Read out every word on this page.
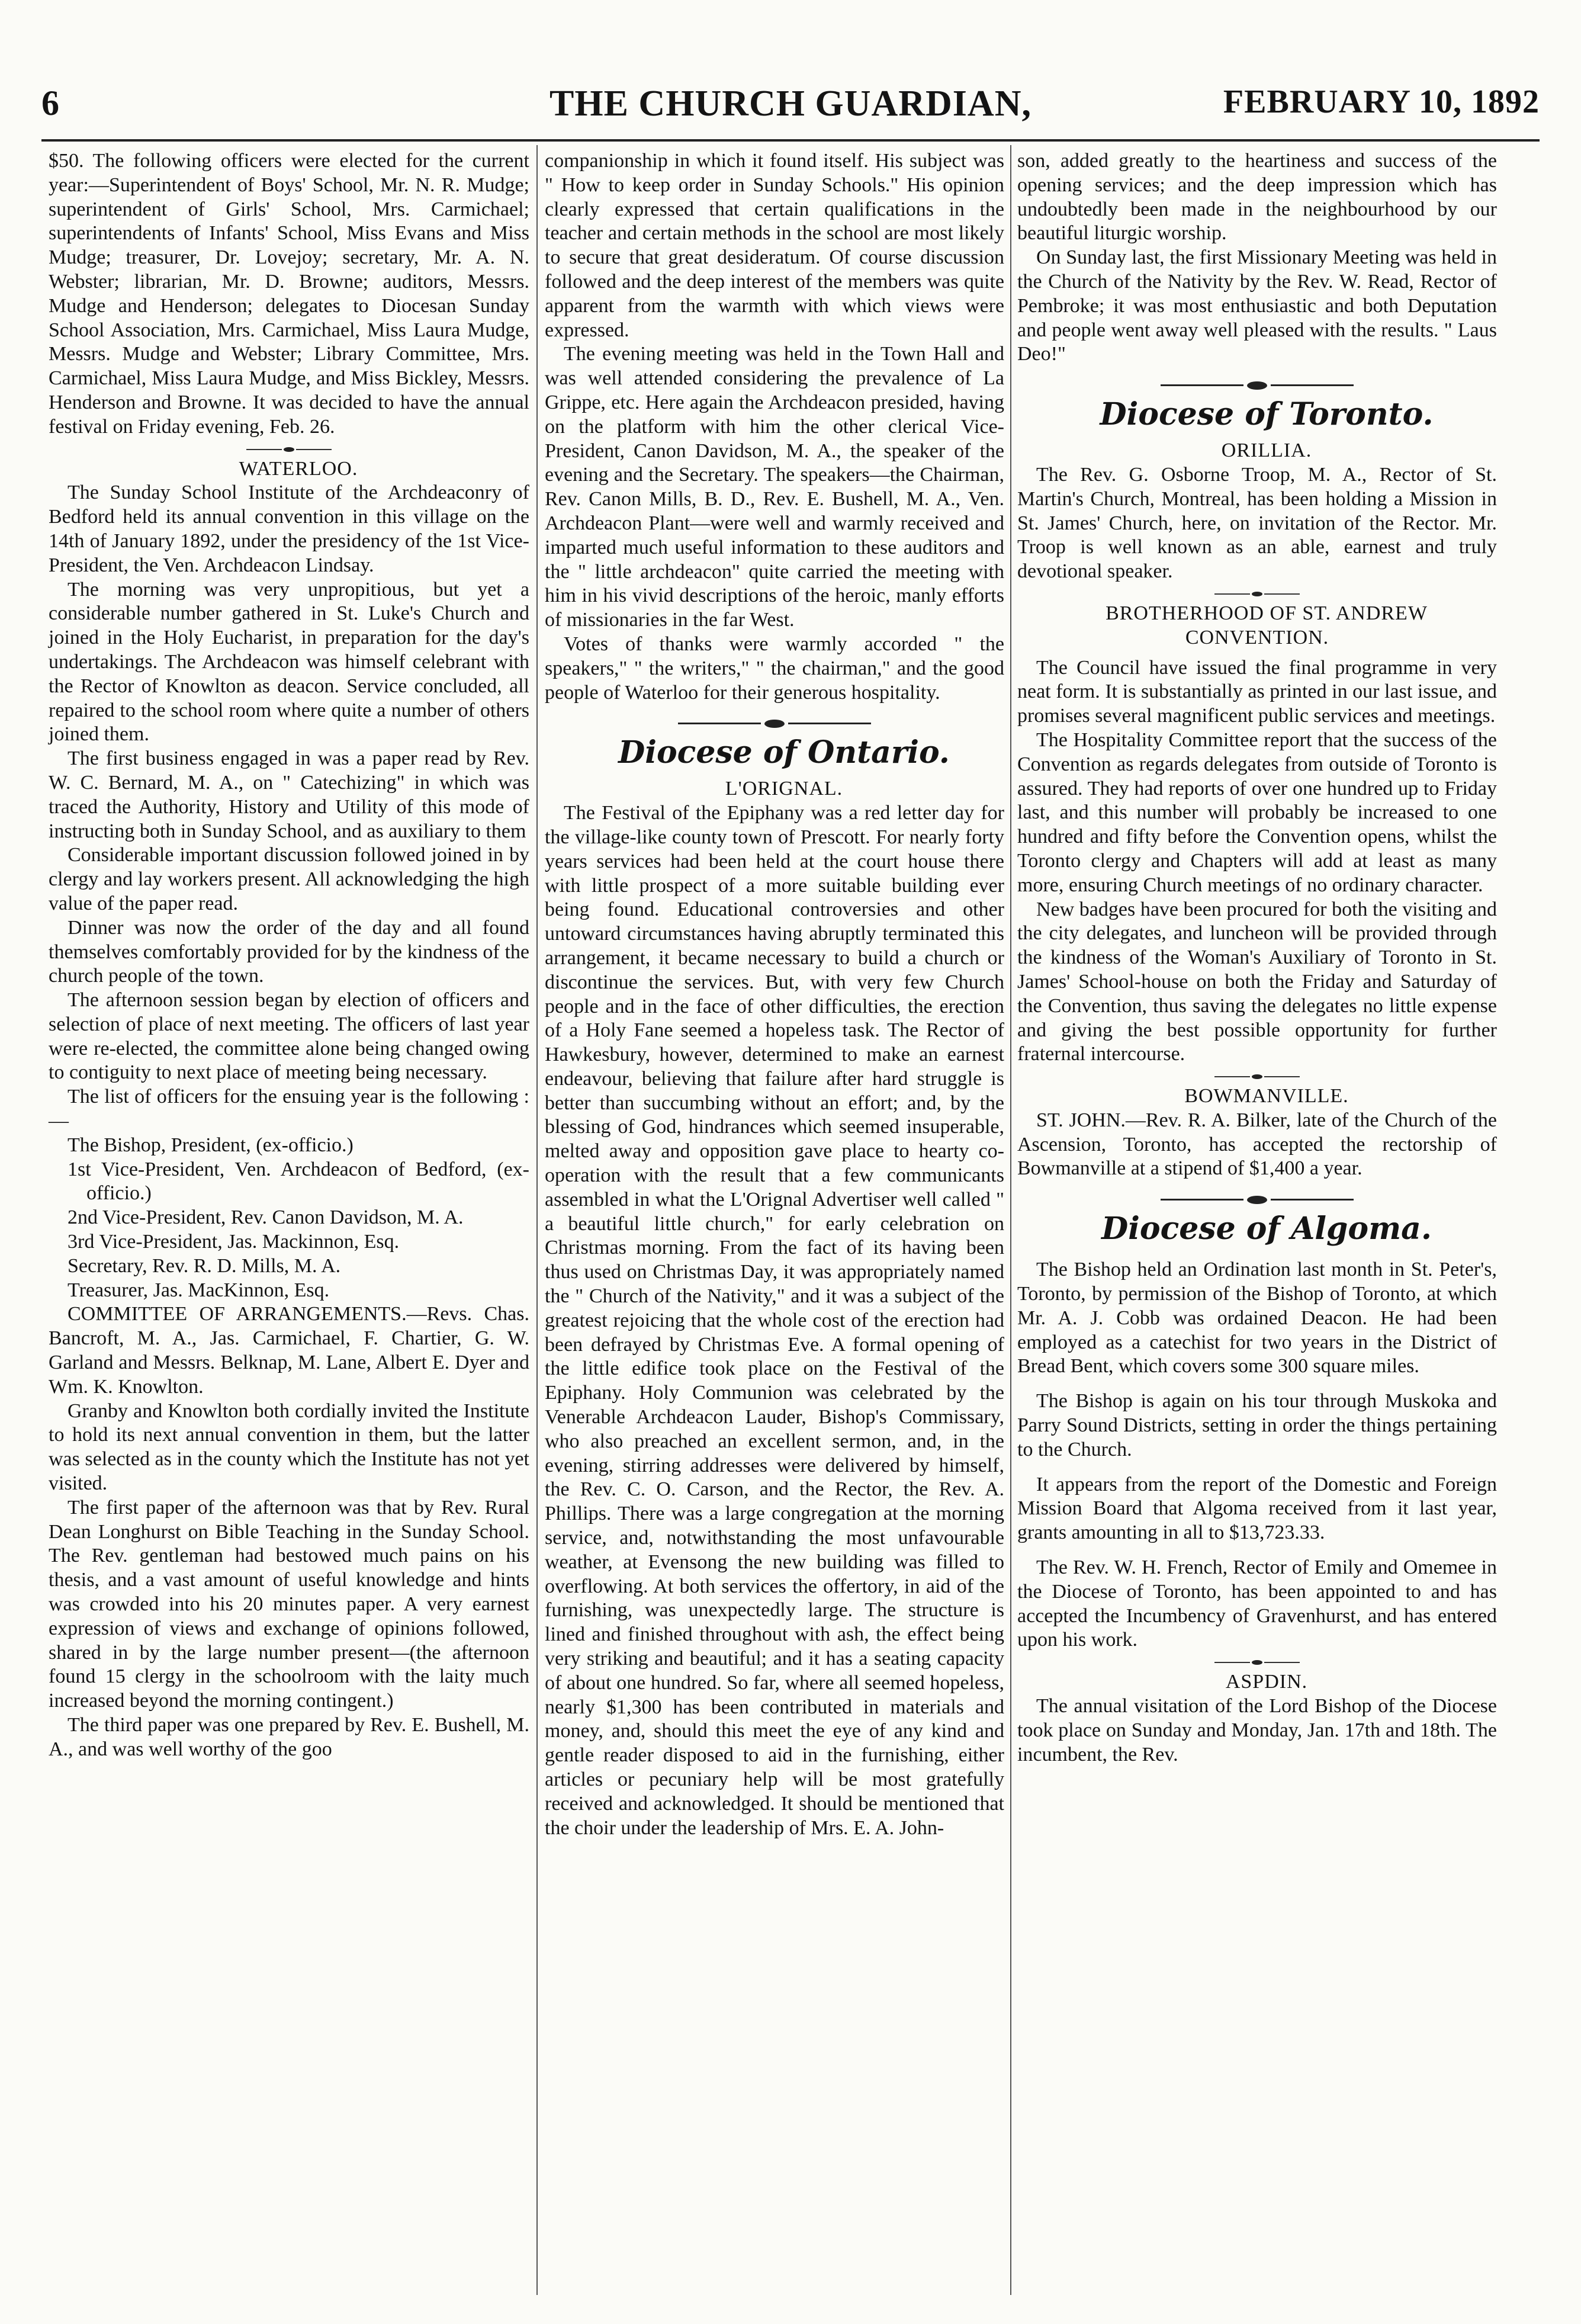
THE CHURCH GUARDIAN,
6	FEBRUARY 10, 1892

$50. The following officers were elected for the current year:—Superintendent of Boys' School, Mr. N. R. Mudge; superintendent of Girls' School, Mrs. Carmichael; superintendents of Infants' School, Miss Evans and Miss Mudge; treasurer, Dr. Lovejoy; secretary, Mr. A. N. Webster; librarian, Mr. D. Browne; auditors, Messrs. Mudge and Henderson; delegates to Diocesan Sunday School Association, Mrs. Carmichael, Miss Laura Mudge, Messrs. Mudge and Webster; Library Committee, Mrs. Carmichael, Miss Laura Mudge, and Miss Bickley, Messrs. Henderson and Browne. It was decided to have the annual festival on Friday evening, Feb. 26.

WATERLOO.

The Sunday School Institute of the Archdeaconry of Bedford held its annual convention in this village on the 14th of January 1892, under the presidency of the 1st Vice-President, the Ven. Archdeacon Lindsay.

The morning was very unpropitious, but yet a considerable number gathered in St. Luke's Church and joined in the Holy Eucharist, in preparation for the day's undertakings. The Archdeacon was himself celebrant with the Rector of Knowlton as deacon. Service concluded, all repaired to the school room where quite a number of others joined them.

The first business engaged in was a paper read by Rev. W. C. Bernard, M. A., on " Catechizing" in which was traced the Authority, History and Utility of this mode of instructing both in Sunday School, and as auxiliary to them

Considerable important discussion followed joined in by clergy and lay workers present. All acknowledging the high value of the paper read.

Dinner was now the order of the day and all found themselves comfortably provided for by the kindness of the church people of the town.

The afternoon session began by election of officers and selection of place of next meeting. The officers of last year were re-elected, the committee alone being changed owing to contiguity to next place of meeting being necessary.

The list of officers for the ensuing year is the following :—

The Bishop, President, (ex-officio.)
1st Vice-President, Ven. Archdeacon of Bedford, (ex-officio.)
2nd Vice-President, Rev. Canon Davidson, M. A.
3rd Vice-President, Jas. Mackinnon, Esq.
Secretary, Rev. R. D. Mills, M. A.
Treasurer, Jas. MacKinnon, Esq.

COMMITTEE OF ARRANGEMENTS.—Revs. Chas. Bancroft, M. A., Jas. Carmichael, F. Chartier, G. W. Garland and Messrs. Belknap, M. Lane, Albert E. Dyer and Wm. K. Knowlton.

Granby and Knowlton both cordially invited the Institute to hold its next annual convention in them, but the latter was selected as in the county which the Institute has not yet visited.

The first paper of the afternoon was that by Rev. Rural Dean Longhurst on Bible Teaching in the Sunday School. The Rev. gentleman had bestowed much pains on his thesis, and a vast amount of useful knowledge and hints was crowded into his 20 minutes paper. A very earnest expression of views and exchange of opinions followed, shared in by the large number present—(the afternoon found 15 clergy in the schoolroom with the laity much increased beyond the morning contingent.)

The third paper was one prepared by Rev. E. Bushell, M. A., and was well worthy of the goo

companionship in which it found itself. His subject was " How to keep order in Sunday Schools." His opinion clearly expressed that certain qualifications in the teacher and certain methods in the school are most likely to secure that great desideratum. Of course discussion followed and the deep interest of the members was quite apparent from the warmth with which views were expressed.

The evening meeting was held in the Town Hall and was well attended considering the prevalence of La Grippe, etc. Here again the Archdeacon presided, having on the platform with him the other clerical Vice-President, Canon Davidson, M. A., the speaker of the evening and the Secretary. The speakers—the Chairman, Rev. Canon Mills, B. D., Rev. E. Bushell, M. A., Ven. Archdeacon Plant—were well and warmly received and imparted much useful information to these auditors and the " little archdeacon" quite carried the meeting with him in his vivid descriptions of the heroic, manly efforts of missionaries in the far West.

Votes of thanks were warmly accorded " the speakers," " the writers," " the chairman," and the good people of Waterloo for their generous hospitality.

Diocese of Ontario.

L'ORIGNAL.

The Festival of the Epiphany was a red letter day for the village-like county town of Prescott. For nearly forty years services had been held at the court house there with little prospect of a more suitable building ever being found. Educational controversies and other untoward circumstances having abruptly terminated this arrangement, it became necessary to build a church or discontinue the services. But, with very few Church people and in the face of other difficulties, the erection of a Holy Fane seemed a hopeless task. The Rector of Hawkesbury, however, determined to make an earnest endeavour, believing that failure after hard struggle is better than succumbing without an effort; and, by the blessing of God, hindrances which seemed insuperable, melted away and opposition gave place to hearty co-operation with the result that a few communicants assembled in what the L'Orignal Advertiser well called " a beautiful little church," for early celebration on Christmas morning. From the fact of its having been thus used on Christmas Day, it was appropriately named the " Church of the Nativity," and it was a subject of the greatest rejoicing that the whole cost of the erection had been defrayed by Christmas Eve. A formal opening of the little edifice took place on the Festival of the Epiphany. Holy Communion was celebrated by the Venerable Archdeacon Lauder, Bishop's Commissary, who also preached an excellent sermon, and, in the evening, stirring addresses were delivered by himself, the Rev. C. O. Carson, and the Rector, the Rev. A. Phillips. There was a large congregation at the morning service, and, notwithstanding the most unfavourable weather, at Evensong the new building was filled to overflowing. At both services the offertory, in aid of the furnishing, was unexpectedly large. The structure is lined and finished throughout with ash, the effect being very striking and beautiful; and it has a seating capacity of about one hundred. So far, where all seemed hopeless, nearly $1,300 has been contributed in materials and money, and, should this meet the eye of any kind and gentle reader disposed to aid in the furnishing, either articles or pecuniary help will be most gratefully received and acknowledged. It should be mentioned that the choir under the leadership of Mrs. E. A. John-

son, added greatly to the heartiness and success of the opening services; and the deep impression which has undoubtedly been made in the neighbourhood by our beautiful liturgic worship.

On Sunday last, the first Missionary Meeting was held in the Church of the Nativity by the Rev. W. Read, Rector of Pembroke; it was most enthusiastic and both Deputation and people went away well pleased with the results. " Laus Deo!"

Diocese of Toronto.

ORILLIA.

The Rev. G. Osborne Troop, M. A., Rector of St. Martin's Church, Montreal, has been holding a Mission in St. James' Church, here, on invitation of the Rector. Mr. Troop is well known as an able, earnest and truly devotional speaker.

BROTHERHOOD OF ST. ANDREW CONVENTION.

The Council have issued the final programme in very neat form. It is substantially as printed in our last issue, and promises several magnificent public services and meetings.

The Hospitality Committee report that the success of the Convention as regards delegates from outside of Toronto is assured. They had reports of over one hundred up to Friday last, and this number will probably be increased to one hundred and fifty before the Convention opens, whilst the Toronto clergy and Chapters will add at least as many more, ensuring Church meetings of no ordinary character.

New badges have been procured for both the visiting and the city delegates, and luncheon will be provided through the kindness of the Woman's Auxiliary of Toronto in St. James' School-house on both the Friday and Saturday of the Convention, thus saving the delegates no little expense and giving the best possible opportunity for further fraternal intercourse.

BOWMANVILLE.

ST. JOHN.—Rev. R. A. Bilker, late of the Church of the Ascension, Toronto, has accepted the rectorship of Bowmanville at a stipend of $1,400 a year.

Diocese of Algoma.

The Bishop held an Ordination last month in St. Peter's, Toronto, by permission of the Bishop of Toronto, at which Mr. A. J. Cobb was ordained Deacon. He had been employed as a catechist for two years in the District of Bread Bent, which covers some 300 square miles.

The Bishop is again on his tour through Muskoka and Parry Sound Districts, setting in order the things pertaining to the Church.

It appears from the report of the Domestic and Foreign Mission Board that Algoma received from it last year, grants amounting in all to $13,723.33.

The Rev. W. H. French, Rector of Emily and Omemee in the Diocese of Toronto, has been appointed to and has accepted the Incumbency of Gravenhurst, and has entered upon his work.

ASPDIN.

The annual visitation of the Lord Bishop of the Diocese took place on Sunday and Monday, Jan. 17th and 18th. The incumbent, the Rev.
